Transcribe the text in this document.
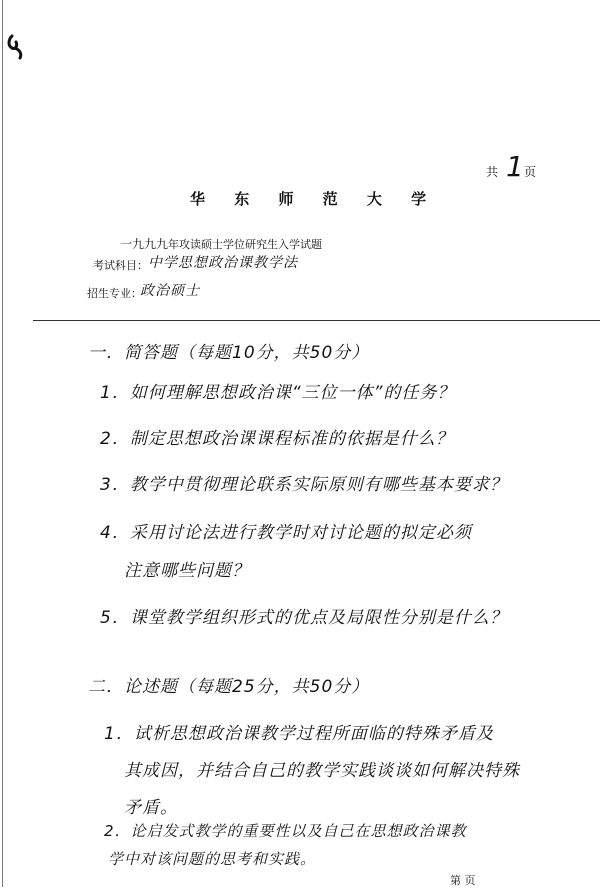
共 1 页
华 东 师 范 大 学
一九九九年攻读硕士学位研究生入学试题
考试科目： 中学思想政治课教学法
招生专业：
政治硕士
一．简答题（每题10分，共50分）
1．如何理解思想政治课“三位一体”的任务？
2．制定思想政治课课程标准的依据是什么？
3．教学中贯彻理论联系实际原则有哪些基本要求？
4．采用讨论法进行教学时对讨论题的拟定必须
注意哪些问题？
5．课堂教学组织形式的优点及局限性分别是什么？
二．论述题（每题25分，共50分）
1．试析思想政治课教学过程所面临的特殊矛盾及
其成因，并结合自己的教学实践谈谈如何解决特殊
矛盾。
2．论启发式教学的重要性以及自己在思想政治课教
学中对该问题的思考和实践。
第 页
